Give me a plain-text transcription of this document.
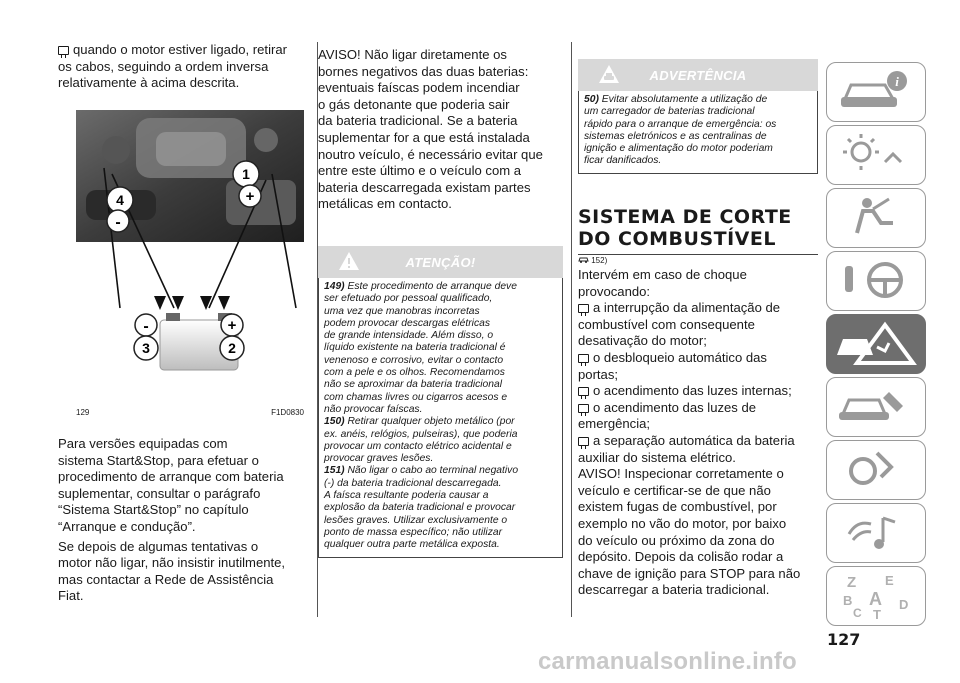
quando o motor estiver ligado, retirar
os cabos, seguindo a ordem inversa
relativamente à acima descrita.

1
+
4
-
-	+
3	2
129	F1D0830

Para versões equipadas com
sistema Start&Stop, para efetuar o
procedimento de arranque com bateria
suplementar, consultar o parágrafo
“Sistema Start&Stop” no capítulo
“Arranque e condução”.

Se depois de algumas tentativas o
motor não ligar, não insistir inutilmente,
mas contactar a Rede de Assistência
Fiat.

AVISO! Não ligar diretamente os
bornes negativos das duas baterias:
eventuais faíscas podem incendiar
o gás detonante que poderia sair
da bateria tradicional. Se a bateria
suplementar for a que está instalada
noutro veículo, é necessário evitar que
entre este último e o veículo com a
bateria descarregada existam partes
metálicas em contacto.

ATENÇÃO!
149) Este procedimento de arranque deve
ser efetuado por pessoal qualificado,
uma vez que manobras incorretas
podem provocar descargas elétricas
de grande intensidade. Além disso, o
líquido existente na bateria tradicional é
venenoso e corrosivo, evitar o contacto
com a pele e os olhos. Recomendamos
não se aproximar da bateria tradicional
com chamas livres ou cigarros acesos e
não provocar faíscas.
150) Retirar qualquer objeto metálico (por
ex. anéis, relógios, pulseiras), que poderia
provocar um contacto elétrico acidental e
provocar graves lesões.
151) Não ligar o cabo ao terminal negativo
(-) da bateria tradicional descarregada.
A faísca resultante poderia causar a
explosão da bateria tradicional e provocar
lesões graves. Utilizar exclusivamente o
ponto de massa específico; não utilizar
qualquer outra parte metálica exposta.
ADVERTÊNCIA
50) Evitar absolutamente a utilização de
um carregador de baterias tradicional
rápido para o arranque de emergência: os
sistemas eletrónicos e as centralinas de
ignição e alimentação do motor poderiam
ficar danificados.
SISTEMA DE CORTE
DO COMBUSTÍVEL
152)

Intervém em caso de choque
provocando:

a interrupção da alimentação de
combustível com consequente
desativação do motor;
o desbloqueio automático das
portas;
o acendimento das luzes internas;
o acendimento das luzes de
emergência;
a separação automática da bateria
auxiliar do sistema elétrico.

AVISO! Inspecionar corretamente o
veículo e certificar-se de que não
existem fugas de combustível, por
exemplo no vão do motor, por baixo
do veículo ou próximo da zona do
depósito. Depois da colisão rodar a
chave de ignição para STOP para não
descarregar a bateria tradicional.

i
Z E
B A
C T
D
127
carmanualsonline.info
